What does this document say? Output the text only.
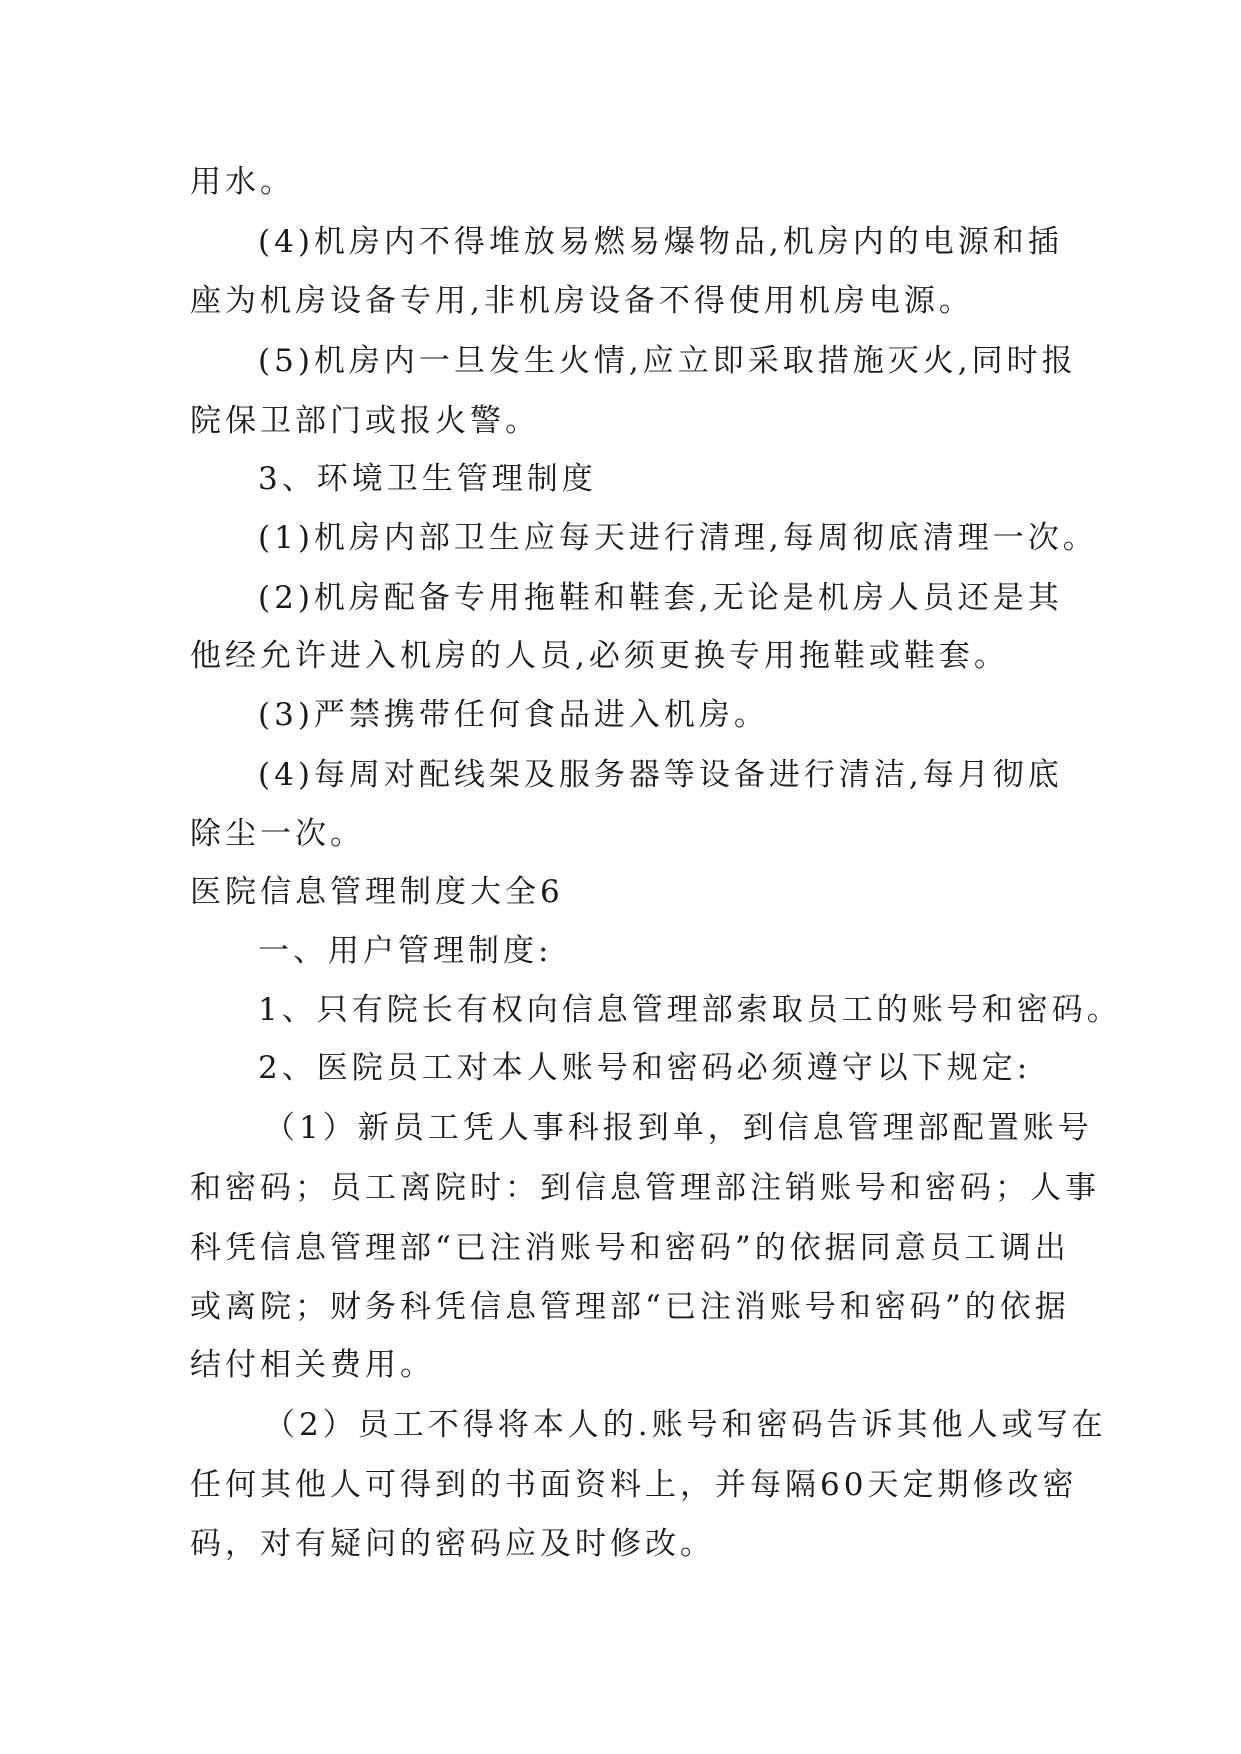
用水。
(4)机房内不得堆放易燃易爆物品,机房内的电源和插
座为机房设备专用,非机房设备不得使用机房电源。
(5)机房内一旦发生火情,应立即采取措施灭火,同时报
院保卫部门或报火警。
3、环境卫生管理制度
(1)机房内部卫生应每天进行清理,每周彻底清理一次。
(2)机房配备专用拖鞋和鞋套,无论是机房人员还是其
他经允许进入机房的人员,必须更换专用拖鞋或鞋套。
(3)严禁携带任何食品进入机房。
(4)每周对配线架及服务器等设备进行清洁,每月彻底
除尘一次。
医院信息管理制度大全6
一、用户管理制度:
1、只有院长有权向信息管理部索取员工的账号和密码。
2、医院员工对本人账号和密码必须遵守以下规定:
（1）新员工凭人事科报到单，到信息管理部配置账号
和密码；员工离院时：到信息管理部注销账号和密码；人事
科凭信息管理部“已注消账号和密码”的依据同意员工调出
或离院；财务科凭信息管理部“已注消账号和密码”的依据
结付相关费用。
（2）员工不得将本人的.账号和密码告诉其他人或写在
任何其他人可得到的书面资料上，并每隔60天定期修改密
码，对有疑问的密码应及时修改。
